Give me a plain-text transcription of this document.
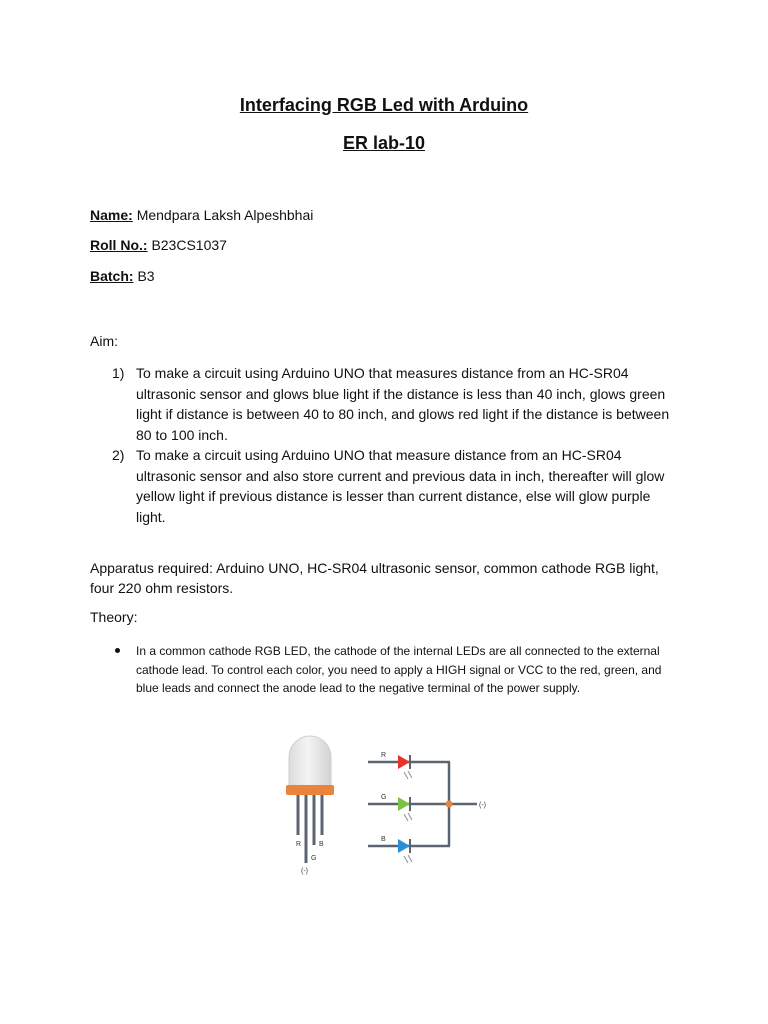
Interfacing RGB Led with Arduino
ER lab-10
Name: Mendpara Laksh Alpeshbhai
Roll No.: B23CS1037
Batch: B3
Aim:
1) To make a circuit using Arduino UNO that measures distance from an HC-SR04 ultrasonic sensor and glows blue light if the distance is less than 40 inch, glows green light if distance is between 40 to 80 inch, and glows red light if the distance is between 80 to 100 inch.
2) To make a circuit using Arduino UNO that measure distance from an HC-SR04 ultrasonic sensor and also store current and previous data in inch, thereafter will glow yellow light if previous distance is lesser than current distance, else will glow purple light.
Apparatus required: Arduino UNO, HC-SR04 ultrasonic sensor, common cathode RGB light, four 220 ohm resistors.
Theory:
In a common cathode RGB LED, the cathode of the internal LEDs are all connected to the external cathode lead. To control each color, you need to apply a HIGH signal or VCC to the red, green, and blue leads and connect the anode lead to the negative terminal of the power supply.
R
G
B
(-)
R
G
B
(-)
